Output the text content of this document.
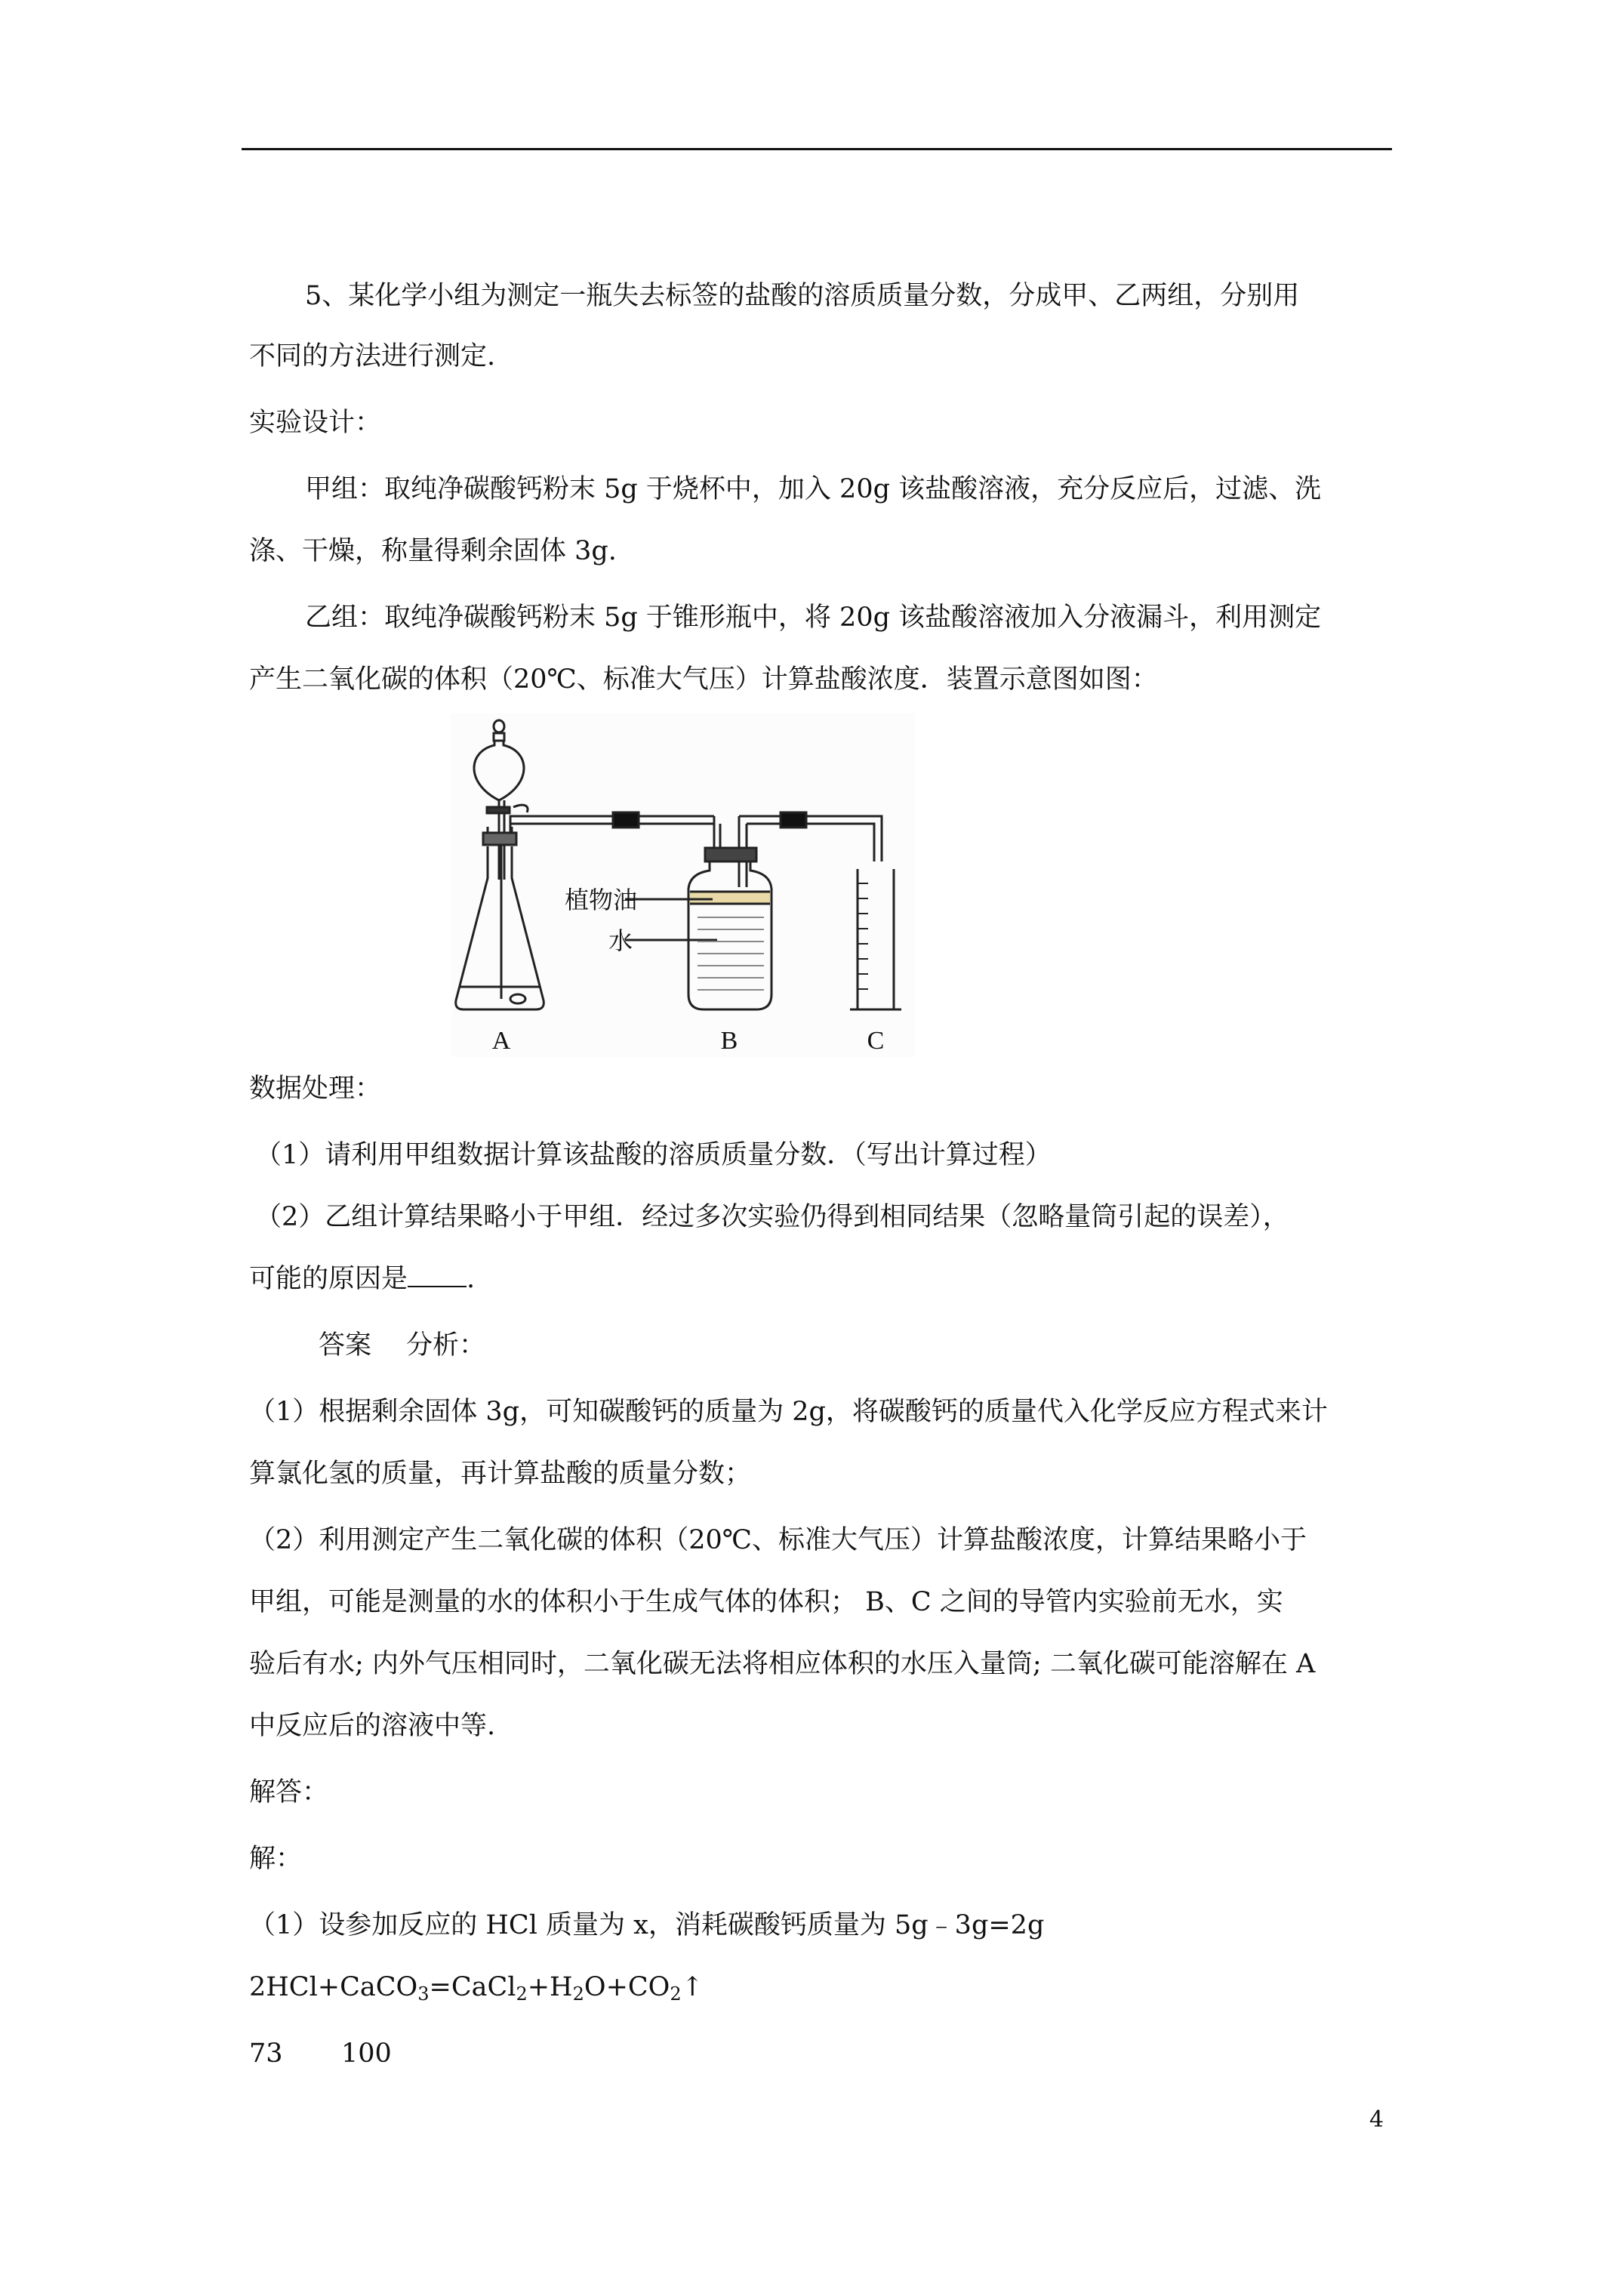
5、某化学小组为测定一瓶失去标签的盐酸的溶质质量分数，分成甲、乙两组，分别用
不同的方法进行测定.
实验设计：
甲组：取纯净碳酸钙粉末 5g 于烧杯中，加入 20g 该盐酸溶液，充分反应后，过滤、洗
涤、干燥，称量得剩余固体 3g.
乙组：取纯净碳酸钙粉末 5g 于锥形瓶中，将 20g 该盐酸溶液加入分液漏斗，利用测定
产生二氧化碳的体积（20℃、标准大气压）计算盐酸浓度．装置示意图如图：
植物油
水
A	B	C
数据处理：
（1）请利用甲组数据计算该盐酸的溶质质量分数．（写出计算过程）
（2）乙组计算结果略小于甲组．经过多次实验仍得到相同结果（忽略量筒引起的误差），
可能的原因是 .
答案 分析：
（1）根据剩余固体 3g，可知碳酸钙的质量为 2g，将碳酸钙的质量代入化学反应方程式来计
算氯化氢的质量，再计算盐酸的质量分数；
（2）利用测定产生二氧化碳的体积（20℃、标准大气压）计算盐酸浓度，计算结果略小于
甲组，可能是测量的水的体积小于生成气体的体积； B、C 之间的导管内实验前无水，实
验后有水; 内外气压相同时，二氧化碳无法将相应体积的水压入量筒; 二氧化碳可能溶解在 A
中反应后的溶液中等.
解答：
解：
（1）设参加反应的 HCl 质量为 x，消耗碳酸钙质量为 5g﹣3g=2g
$2HCl+CaCO_3=CaCl_2+H_2O+CO_2↑$
73 100
4
